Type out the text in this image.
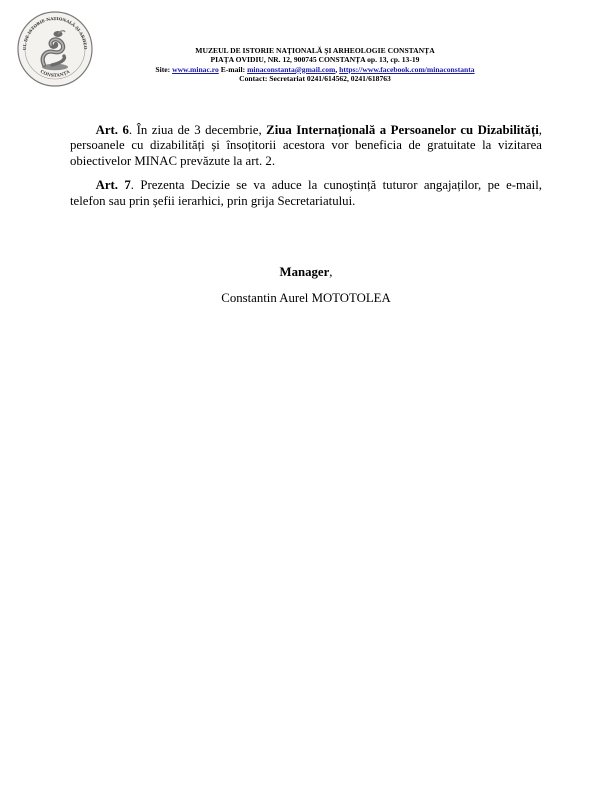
UL DE ISTORIE NAȚIONALĂ ȘI ARHEO
CONSTANȚA
MUZEUL DE ISTORIE NAȚIONALĂ ȘI ARHEOLOGIE CONSTANȚA
PIAȚA OVIDIU, NR. 12, 900745 CONSTANȚA op. 13, cp. 13-19
Site: www.minac.ro E-mail: minaconstanta@gmail.com, https://www.facebook.com/minaconstanta
Contact: Secretariat 0241/614562, 0241/618763

  Art. 6. În ziua de 3 decembrie, Ziua Internațională a Persoanelor cu Dizabilități, persoanele cu dizabilități și însoțitorii acestora vor beneficia de gratuitate la vizitarea obiectivelor MINAC prevăzute la art. 2.

  Art. 7. Prezenta Decizie se va aduce la cunoștință tuturor angajaților, pe e-mail, telefon sau prin șefii ierarhici, prin grija Secretariatului.

Manager,
Constantin Aurel MOTOTOLEA
